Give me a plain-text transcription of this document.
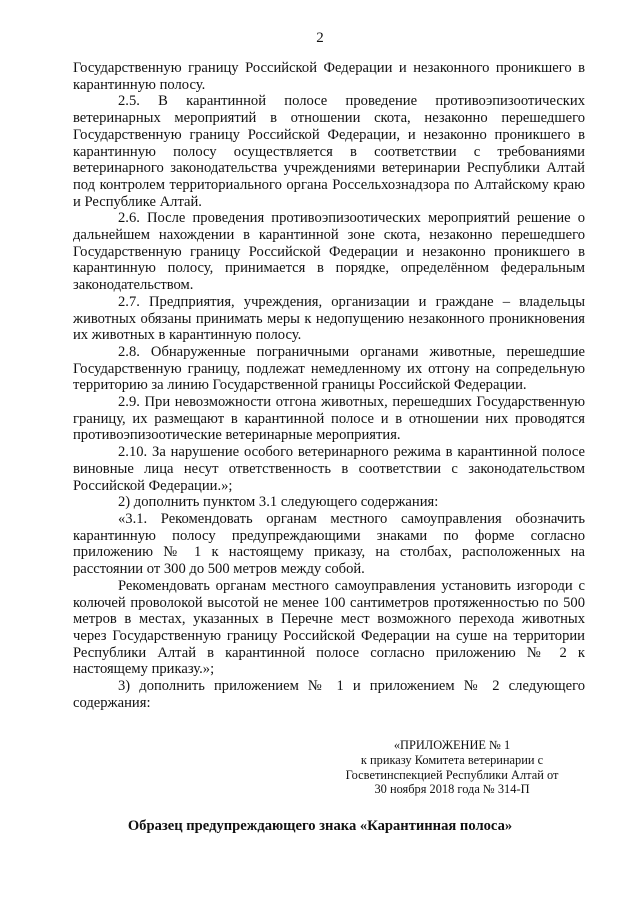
2

Государственную границу Российской Федерации и незаконного проникшего в карантинную полосу.

2.5. В карантинной полосе проведение противоэпизоотических ветеринарных мероприятий в отношении скота, незаконно перешедшего Государственную границу Российской Федерации, и незаконно проникшего в карантинную полосу осуществляется в соответствии с требованиями ветеринарного законодательства учреждениями ветеринарии Республики Алтай под контролем территориального органа Россельхознадзора по Алтайскому краю и Республике Алтай.

2.6. После проведения противоэпизоотических мероприятий решение о дальнейшем нахождении в карантинной зоне скота, незаконно перешедшего Государственную границу Российской Федерации и незаконно проникшего в карантинную полосу, принимается в порядке, определённом федеральным законодательством.

2.7. Предприятия, учреждения, организации и граждане – владельцы животных обязаны принимать меры к недопущению незаконного проникновения их животных в карантинную полосу.

2.8. Обнаруженные пограничными органами животные, перешедшие Государственную границу, подлежат немедленному их отгону на сопредельную территорию за линию Государственной границы Российской Федерации.

2.9. При невозможности отгона животных, перешедших Государственную границу, их размещают в карантинной полосе и в отношении них проводятся противоэпизоотические ветеринарные мероприятия.

2.10. За нарушение особого ветеринарного режима в карантинной полосе виновные лица несут ответственность в соответствии с законодательством Российской Федерации.»;

2) дополнить пунктом 3.1 следующего содержания:

«3.1. Рекомендовать органам местного самоуправления обозначить карантинную полосу предупреждающими знаками по форме согласно приложению № 1 к настоящему приказу, на столбах, расположенных на расстоянии от 300 до 500 метров между собой.

Рекомендовать органам местного самоуправления установить изгороди с колючей проволокой высотой не менее 100 сантиметров протяженностью по 500 метров в местах, указанных в Перечне мест возможного перехода животных через Государственную границу Российской Федерации на суше на территории Республики Алтай в карантинной полосе согласно приложению № 2 к настоящему приказу.»;

3) дополнить приложением № 1 и приложением № 2 следующего содержания:

«ПРИЛОЖЕНИЕ № 1
к приказу Комитета ветеринарии с
Госветинспекцией Республики Алтай от
30 ноября 2018 года № 314-П
Образец предупреждающего знака «Карантинная полоса»
